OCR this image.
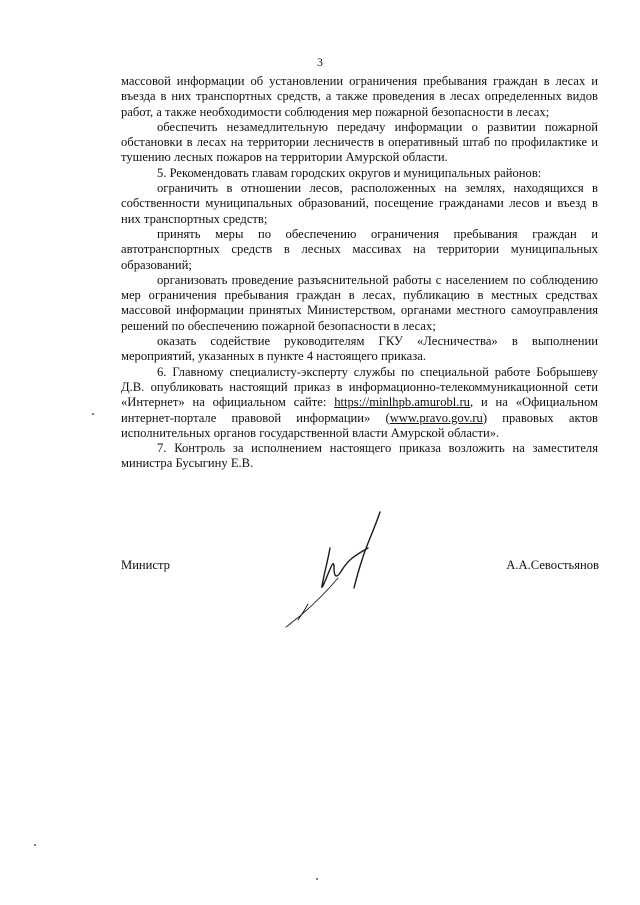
3

массовой информации об установлении ограничения пребывания граждан в лесах и въезда в них транспортных средств, а также проведения в лесах определенных видов работ, а также необходимости соблюдения мер пожарной безопасности в лесах;

обеспечить незамедлительную передачу информации о развитии пожарной обстановки в лесах на территории лесничеств в оперативный штаб по профилактике и тушению лесных пожаров на территории Амурской области.

5. Рекомендовать главам городских округов и муниципальных районов:

ограничить в отношении лесов, расположенных на землях, находящихся в собственности муниципальных образований, посещение гражданами лесов и въезд в них транспортных средств;

принять меры по обеспечению ограничения пребывания граждан и автотранспортных средств в лесных массивах на территории муниципальных образований;

организовать проведение разъяснительной работы с населением по соблюдению мер ограничения пребывания граждан в лесах, публикацию в местных средствах массовой информации принятых Министерством, органами местного самоуправления решений по обеспечению пожарной безопасности в лесах;

оказать содействие руководителям ГКУ «Лесничества» в выполнении мероприятий, указанных в пункте 4 настоящего приказа.

6. Главному специалисту-эксперту службы по специальной работе Бобрышеву Д.В. опубликовать настоящий приказ в информационно-телекоммуникационной сети «Интернет» на официальном сайте: https://minlhpb.amurobl.ru, и на «Официальном интернет-портале правовой информации» (www.pravo.gov.ru) правовых актов исполнительных органов государственной власти Амурской области».

7. Контроль за исполнением настоящего приказа возложить на заместителя министра Бусыгину Е.В.

Министр	А.А.Севостьянов
